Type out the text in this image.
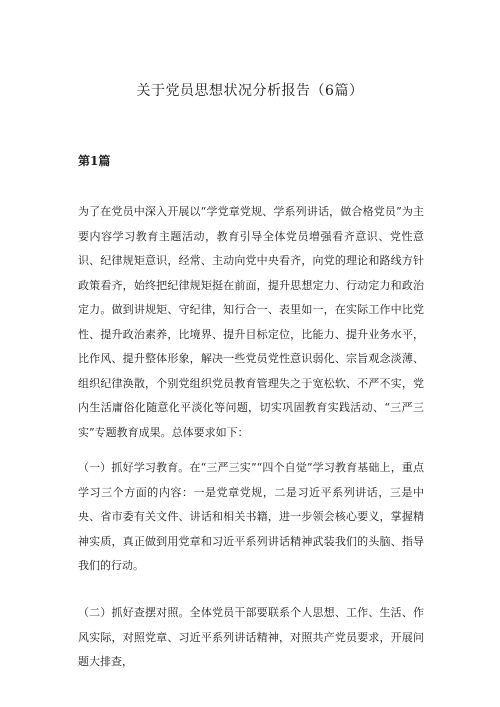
关于党员思想状况分析报告（6篇）
第1篇

为了在党员中深入开展以“学党章党规、学系列讲话，做合格党员”为主要内容学习教育主题活动，教育引导全体党员增强看齐意识、党性意识、纪律规矩意识，经常、主动向党中央看齐，向党的理论和路线方针政策看齐，始终把纪律规矩挺在前面，提升思想定力、行动定力和政治定力。做到讲规矩、守纪律，知行合一、表里如一，在实际工作中比党性、提升政治素养，比境界、提升目标定位，比能力、提升业务水平，比作风、提升整体形象，解决一些党员党性意识弱化、宗旨观念淡薄、组织纪律涣散，个别党组织党员教育管理失之于宽松软、不严不实，党内生活庸俗化随意化平淡化等问题，切实巩固教育实践活动、“三严三实”专题教育成果。总体要求如下：

（一）抓好学习教育。在“三严三实”“四个自觉”学习教育基础上，重点学习三个方面的内容：一是党章党规，二是习近平系列讲话，三是中央、省市委有关文件、讲话和相关书籍，进一步领会核心要义，掌握精神实质，真正做到用党章和习近平系列讲话精神武装我们的头脑、指导我们的行动。

（二）抓好查摆对照。全体党员干部要联系个人思想、工作、生活、作风实际，对照党章、习近平系列讲话精神，对照共产党员要求，开展问题大排查，
